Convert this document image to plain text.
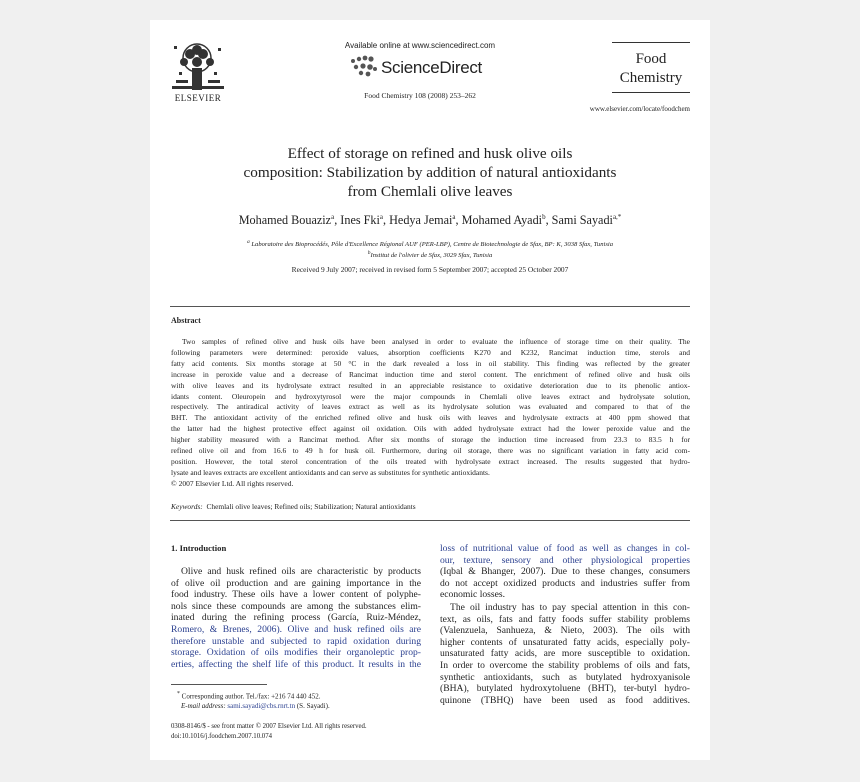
ELSEVIER
Available online at www.sciencedirect.com
ScienceDirect
Food Chemistry 108 (2008) 253–262
Food
Chemistry
www.elsevier.com/locate/foodchem
Effect of storage on refined and husk olive oils
composition: Stabilization by addition of natural antioxidants
from Chemlali olive leaves
Mohamed Bouaziz$^a$, Ines Fki$^a$, Hedya Jemai$^a$, Mohamed Ayadi$^b$, Sami Sayadi$^{a,*}$
$^a$ Laboratoire des Bioprocédés, Pôle d'Excellence Régional AUF (PER-LBP), Centre de Biotechnologie de Sfax, BP: K, 3038 Sfax, Tunisia
$^b$Institut de l'olivier de Sfax, 3029 Sfax, Tunisia
Received 9 July 2007; received in revised form 5 September 2007; accepted 25 October 2007
Abstract
Two samples of refined olive and husk oils have been analysed in order to evaluate the influence of storage time on their quality. The
following parameters were determined: peroxide values, absorption coefficients K270 and K232, Rancimat induction time, sterols and
fatty acid contents. Six months storage at 50 °C in the dark revealed a loss in oil stability. This finding was reflected by the greater
increase in peroxide value and a decrease of Rancimat induction time and sterol content. The enrichment of refined olive and husk oils
with olive leaves and its hydrolysate extract resulted in an appreciable resistance to oxidative deterioration due to its phenolic antiox-
idants content. Oleuropein and hydroxytyrosol were the major compounds in Chemlali olive leaves extract and hydrolysate solution,
respectively. The antiradical activity of leaves extract as well as its hydrolysate solution was evaluated and compared to that of the
BHT. The antioxidant activity of the enriched refined olive and husk oils with leaves and hydrolysate extracts at 400 ppm showed that
the latter had the highest protective effect against oil oxidation. Oils with added hydrolysate extract had the lower peroxide value and the
higher stability measured with a Rancimat method. After six months of storage the induction time increased from 23.3 to 83.5 h for
refined olive oil and from 16.6 to 49 h for husk oil. Furthermore, during oil storage, there was no significant variation in fatty acid com-
position. However, the total sterol concentration of the oils treated with hydrolysate extract increased. The results suggested that hydro-
lysate and leaves extracts are excellent antioxidants and can serve as substitutes for synthetic antioxidants.
© 2007 Elsevier Ltd. All rights reserved.
Keywords: Chemlali olive leaves; Refined oils; Stabilization; Natural antioxidants
1. Introduction
Olive and husk refined oils are characteristic by products
of olive oil production and are gaining importance in the
food industry. These oils have a lower content of polyphe-
nols since these compounds are among the substances elim-
inated during the refining process (García, Ruiz-Méndez,
Romero, & Brenes, 2006). Olive and husk refined oils are
therefore unstable and subjected to rapid oxidation during
storage. Oxidation of oils modifies their organoleptic prop-
erties, affecting the shelf life of this product. It results in the
loss of nutritional value of food as well as changes in col-
our, texture, sensory and other physiological properties
(Iqbal & Bhanger, 2007). Due to these changes, consumers
do not accept oxidized products and industries suffer from
economic losses.
The oil industry has to pay special attention in this con-
text, as oils, fats and fatty foods suffer stability problems
(Valenzuela, Sanhueza, & Nieto, 2003). The oils with
higher contents of unsaturated fatty acids, especially poly-
unsaturated fatty acids, are more susceptible to oxidation.
In order to overcome the stability problems of oils and fats,
synthetic antioxidants, such as butylated hydroxyanisole
(BHA), butylated hydroxytoluene (BHT), ter-butyl hydro-
quinone (TBHQ) have been used as food additives.
* Corresponding author. Tel./fax: +216 74 440 452.
E-mail address: sami.sayadi@cbs.rnrt.tn (S. Sayadi).
0308-8146/$ - see front matter © 2007 Elsevier Ltd. All rights reserved.
doi:10.1016/j.foodchem.2007.10.074
